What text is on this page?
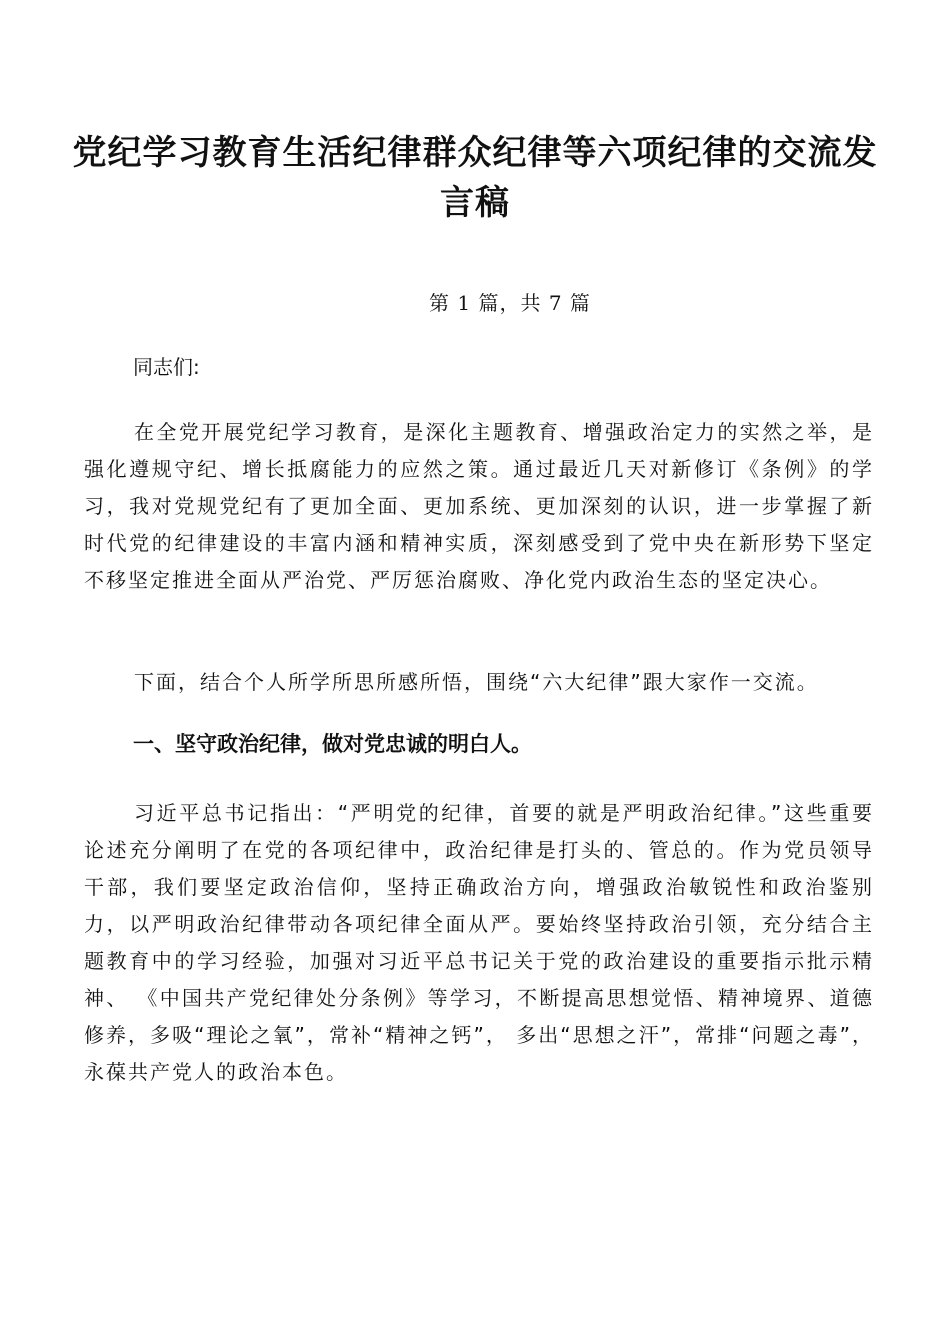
党纪学习教育生活纪律群众纪律等六项纪律的交流发言稿
第 1 篇，共 7 篇
同志们:

在全党开展党纪学习教育，是深化主题教育、增强政治定力的实然之举，是强化遵规守纪、增长抵腐能力的应然之策。通过最近几天对新修订《条例》的学习，我对党规党纪有了更加全面、更加系统、更加深刻的认识，进一步掌握了新时代党的纪律建设的丰富内涵和精神实质，深刻感受到了党中央在新形势下坚定不移坚定推进全面从严治党、严厉惩治腐败、净化党内政治生态的坚定决心。

下面，结合个人所学所思所感所悟，围绕“六大纪律”跟大家作一交流。

一、坚守政治纪律，做对党忠诚的明白人。

习近平总书记指出：“严明党的纪律，首要的就是严明政治纪律。”这些重要论述充分阐明了在党的各项纪律中，政治纪律是打头的、管总的。作为党员领导干部，我们要坚定政治信仰，坚持正确政治方向，增强政治敏锐性和政治鉴别力，以严明政治纪律带动各项纪律全面从严。要始终坚持政治引领，充分结合主题教育中的学习经验，加强对习近平总书记关于党的政治建设的重要指示批示精神、 《中国共产党纪律处分条例》等学习，不断提高思想觉悟、精神境界、道德修养，多吸“理论之氧”，常补“精神之钙”， 多出“思想之汗”，常排“问题之毒”，永葆共产党人的政治本色。
